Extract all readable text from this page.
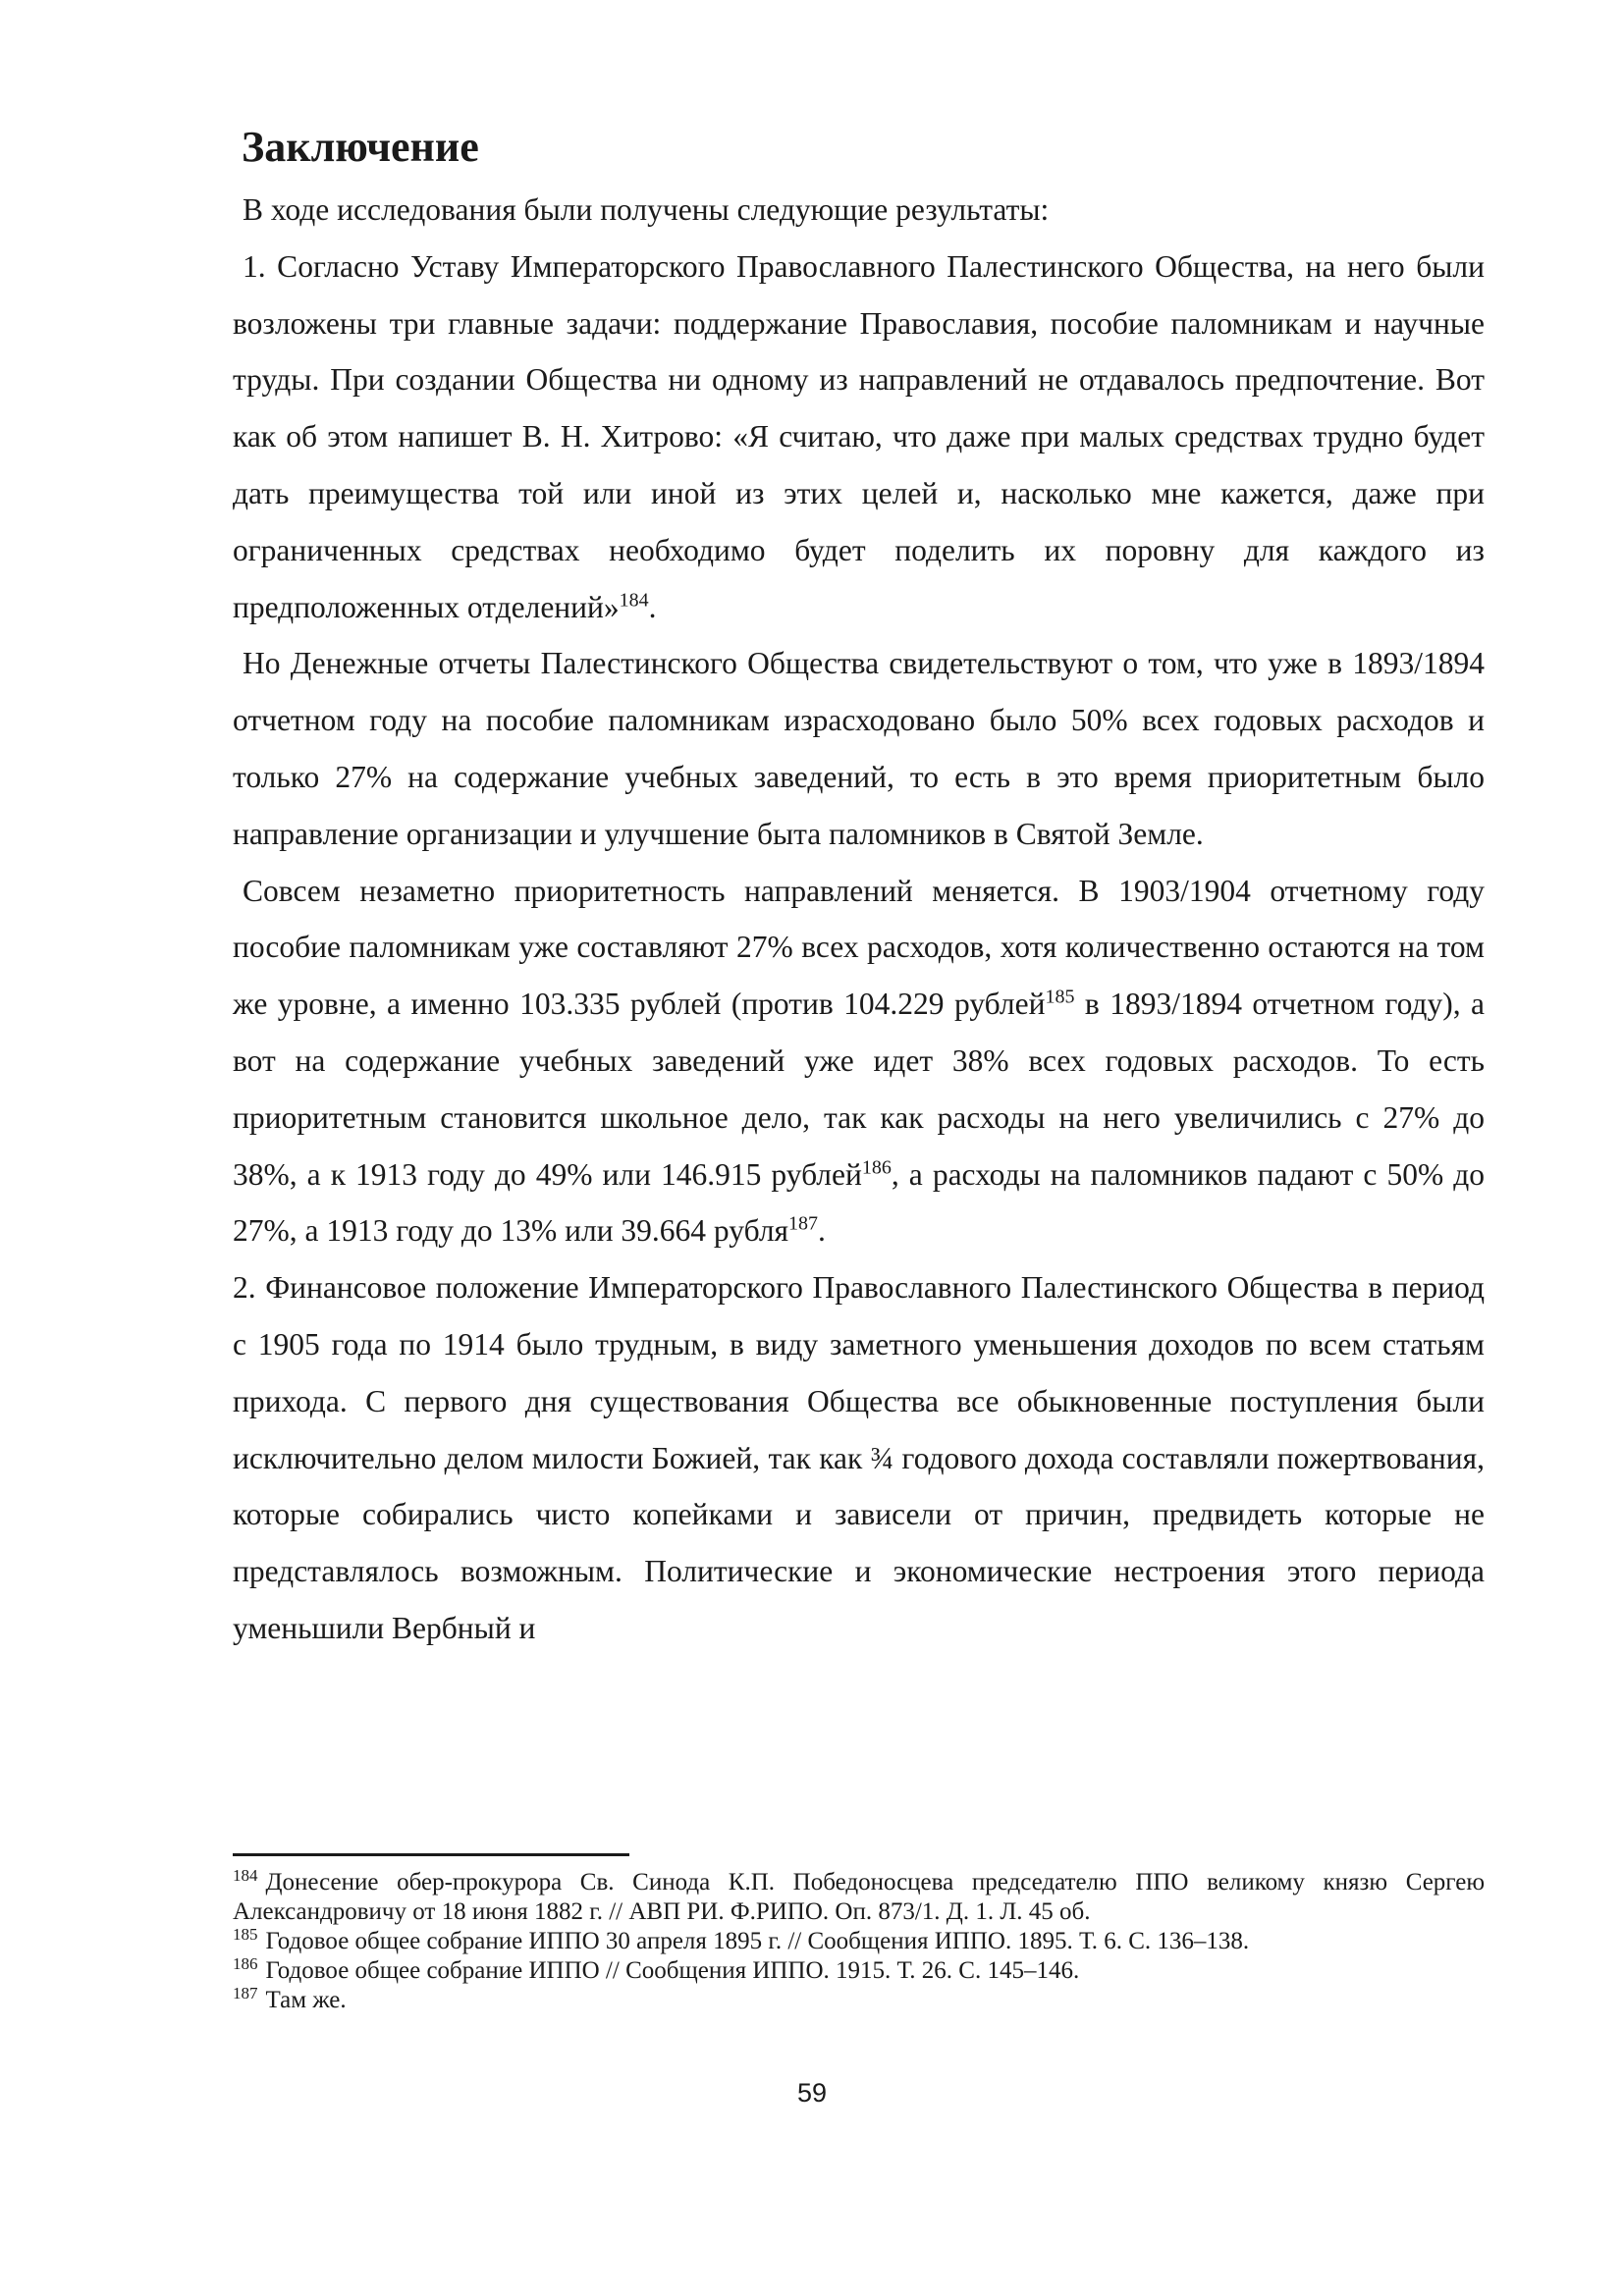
Заключение

В ходе исследования были получены следующие результаты:

1. Согласно Уставу Императорского Православного Палестинского Общества, на него были возложены три главные задачи: поддержание Православия, пособие паломникам и научные труды. При создании Общества ни одному из направлений не отдавалось предпочтение. Вот как об этом напишет В. Н. Хитрово: «Я считаю, что даже при малых средствах трудно будет дать преимущества той или иной из этих целей и, насколько мне кажется, даже при ограниченных средствах необходимо будет поделить их поровну для каждого из предположенных отделений»$^{184}$.

Но Денежные отчеты Палестинского Общества свидетельствуют о том, что уже в 1893/1894 отчетном году на пособие паломникам израсходовано было 50% всех годовых расходов и только 27% на содержание учебных заведений, то есть в это время приоритетным было направление организации и улучшение быта паломников в Святой Земле.

Совсем незаметно приоритетность направлений меняется. В 1903/1904 отчетному году пособие паломникам уже составляют 27% всех расходов, хотя количественно остаются на том же уровне, а именно 103.335 рублей (против 104.229 рублей$^{185}$ в 1893/1894 отчетном году), а вот на содержание учебных заведений уже идет 38% всех годовых расходов. То есть приоритетным становится школьное дело, так как расходы на него увеличились с 27% до 38%, а к 1913 году до 49% или 146.915 рублей$^{186}$, а расходы на паломников падают с 50% до 27%, а 1913 году до 13% или 39.664 рубля$^{187}$.

2. Финансовое положение Императорского Православного Палестинского Общества в период с 1905 года по 1914 было трудным, в виду заметного уменьшения доходов по всем статьям прихода. С первого дня существования Общества все обыкновенные поступления были исключительно делом милости Божией, так как ¾ годового дохода составляли пожертвования, которые собирались чисто копейками и зависели от причин, предвидеть которые не представлялось возможным. Политические и экономические нестроения этого периода уменьшили Вербный и

$^{184}$ Донесение обер-прокурора Св. Синода К.П. Победоносцева председателю ППО великому князю Сергею Александровичу от 18 июня 1882 г. // АВП РИ. Ф.РИПО. Оп. 873/1. Д. 1. Л. 45 об.

$^{185}$ Годовое общее собрание ИППО 30 апреля 1895 г. // Сообщения ИППО. 1895. Т. 6. С. 136–138.

$^{186}$ Годовое общее собрание ИППО // Сообщения ИППО. 1915. Т. 26. С. 145–146.

$^{187}$ Там же.

59
